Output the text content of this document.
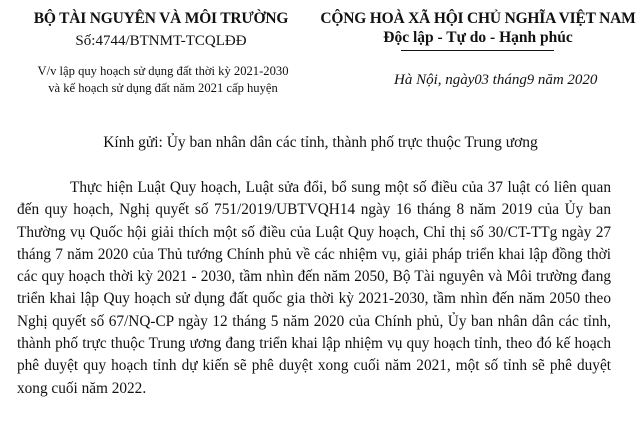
BỘ TÀI NGUYÊN VÀ MÔI TRƯỜNG
Số:4744/BTNMT-TCQLĐĐ
V/v lập quy hoạch sử dụng đất thời kỳ 2021-2030
và kế hoạch sử dụng đất năm 2021 cấp huyện
CỘNG HOÀ XÃ HỘI CHỦ NGHĨA VIỆT NAM
Độc lập - Tự do - Hạnh phúc
Hà Nội, ngày03 tháng9 năm 2020
Kính gửi: Ủy ban nhân dân các tỉnh, thành phố trực thuộc Trung ương
Thực hiện Luật Quy hoạch, Luật sửa đổi, bổ sung một số điều của 37 luật có liên quan đến quy hoạch, Nghị quyết số 751/2019/UBTVQH14 ngày 16 tháng 8 năm 2019 của Ủy ban Thường vụ Quốc hội giải thích một số điều của Luật Quy hoạch, Chỉ thị số 30/CT-TTg ngày 27 tháng 7 năm 2020 của Thủ tướng Chính phủ về các nhiệm vụ, giải pháp triển khai lập đồng thời các quy hoạch thời kỳ 2021 - 2030, tầm nhìn đến năm 2050, Bộ Tài nguyên và Môi trường đang triển khai lập Quy hoạch sử dụng đất quốc gia thời kỳ 2021-2030, tầm nhìn đến năm 2050 theo Nghị quyết số 67/NQ-CP ngày 12 tháng 5 năm 2020 của Chính phủ, Ủy ban nhân dân các tỉnh, thành phố trực thuộc Trung ương đang triển khai lập nhiệm vụ quy hoạch tỉnh, theo đó kế hoạch phê duyệt quy hoạch tỉnh dự kiến sẽ phê duyệt xong cuối năm 2021, một số tỉnh sẽ phê duyệt xong cuối năm 2022.
